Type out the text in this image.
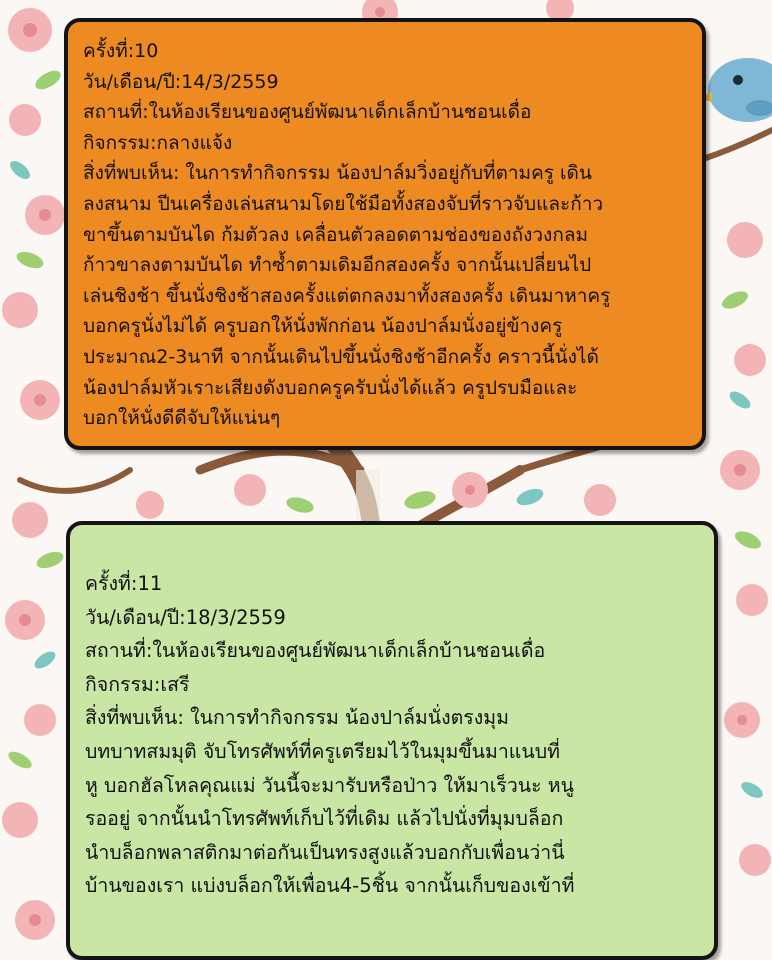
ครั้งที่:10
วัน/เดือน/ปี:14/3/2559
สถานที่:ในห้องเรียนของศูนย์พัฒนาเด็กเล็กบ้านชอนเดื่อ
กิจกรรม:กลางแจ้ง
สิ่งที่พบเห็น: ในการทำกิจกรรม น้องปาล์มวิ่งอยู่กับที่ตามครู เดิน
ลงสนาม ปีนเครื่องเล่นสนามโดยใช้มือทั้งสองจับที่ราวจับและก้าว
ขาขึ้นตามบันได ก้มตัวลง เคลื่อนตัวลอดตามช่องของถังวงกลม
ก้าวขาลงตามบันได ทำซ้ำตามเดิมอีกสองครั้ง จากนั้นเปลี่ยนไป
เล่นชิงช้า ขึ้นนั่งชิงช้าสองครั้งแต่ตกลงมาทั้งสองครั้ง เดินมาหาครู
บอกครูนั่งไม่ได้ ครูบอกให้นั่งพักก่อน น้องปาล์มนั่งอยู่ข้างครู
ประมาณ2-3นาที จากนั้นเดินไปขึ้นนั่งชิงช้าอีกครั้ง คราวนี้นั่งได้
น้องปาล์มหัวเราะเสียงดังบอกครูครับนั่งได้แล้ว ครูปรบมือและ
บอกให้นั่งดีดีจับให้แน่นๆ
ครั้งที่:11
วัน/เดือน/ปี:18/3/2559
สถานที่:ในห้องเรียนของศูนย์พัฒนาเด็กเล็กบ้านชอนเดื่อ
กิจกรรม:เสรี
สิ่งที่พบเห็น: ในการทำกิจกรรม น้องปาล์มนั่งตรงมุม
บทบาทสมมุติ จับโทรศัพท์ที่ครูเตรียมไว้ในมุมขึ้นมาแนบที่
หู บอกฮัลโหลคุณแม่ วันนี้จะมารับหรือป่าว ให้มาเร็วนะ หนู
รออยู่ จากนั้นนำโทรศัพท์เก็บไว้ที่เดิม แล้วไปนั่งที่มุมบล็อก
นำบล็อกพลาสติกมาต่อกันเป็นทรงสูงแล้วบอกกับเพื่อนว่านี่
บ้านของเรา แบ่งบล็อกให้เพื่อน4-5ชิ้น จากนั้นเก็บของเข้าที่
